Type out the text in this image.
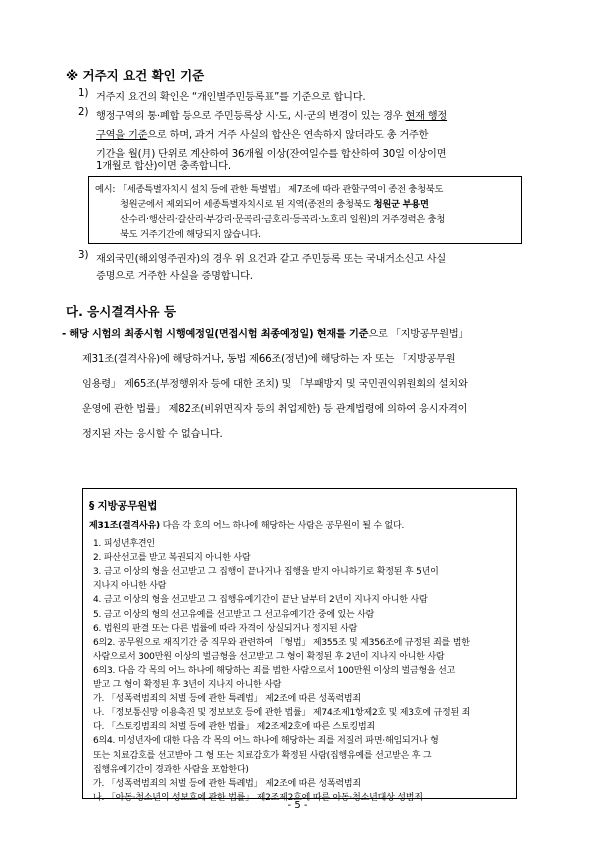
※ 거주지 요건 확인 기준
1) 거주지 요건의 확인은 “개인별주민등록표”를 기준으로 합니다.
2) 행정구역의 통·폐합 등으로 주민등록상 시·도, 시·군의 변경이 있는 경우 현재 행정
구역을 기준으로 하며, 과거 거주 사실의 합산은 연속하지 않더라도 총 거주한
기간을 월(月) 단위로 계산하여 36개월 이상(잔여일수를 합산하여 30일 이상이면
1개월로 합산)이면 충족합니다.
예시: 「세종특별자치시 설치 등에 관한 특별법」 제7조에 따라 관할구역이 종전 충청북도
청원군에서 제외되어 세종특별자치시로 된 지역(종전의 충청북도 청원군 부용면
산수리·행산리·갈산리·부강리·문곡리·금호리·등곡리·노호리 일원)의 거주경력은 충청
북도 거주기간에 해당되지 않습니다.
3) 재외국민(해외영주권자)의 경우 위 요건과 같고 주민등록 또는 국내거소신고 사실
증명으로 거주한 사실을 증명합니다.
다. 응시결격사유 등
- 해당 시험의 최종시험 시행예정일(면접시험 최종예정일) 현재를 기준으로 「지방공무원법」
제31조(결격사유)에 해당하거나, 동법 제66조(정년)에 해당하는 자 또는 「지방공무원
임용령」 제65조(부정행위자 등에 대한 조치) 및 「부패방지 및 국민권익위원회의 설치와
운영에 관한 법률」 제82조(비위면직자 등의 취업제한) 등 관계법령에 의하여 응시자격이
정지된 자는 응시할 수 없습니다.
§ 지방공무원법
제31조(결격사유) 다음 각 호의 어느 하나에 해당하는 사람은 공무원이 될 수 없다.
1. 피성년후견인
2. 파산선고를 받고 복권되지 아니한 사람
3. 금고 이상의 형을 선고받고 그 집행이 끝나거나 집행을 받지 아니하기로 확정된 후 5년이
지나지 아니한 사람
4. 금고 이상의 형을 선고받고 그 집행유예기간이 끝난 날부터 2년이 지나지 아니한 사람
5. 금고 이상의 형의 선고유예를 선고받고 그 선고유예기간 중에 있는 사람
6. 법원의 판결 또는 다른 법률에 따라 자격이 상실되거나 정지된 사람
6의2. 공무원으로 재직기간 중 직무와 관련하여 「형법」 제355조 및 제356조에 규정된 죄를 범한
사람으로서 300만원 이상의 벌금형을 선고받고 그 형이 확정된 후 2년이 지나지 아니한 사람
6의3. 다음 각 목의 어느 하나에 해당하는 죄를 범한 사람으로서 100만원 이상의 벌금형을 선고
받고 그 형이 확정된 후 3년이 지나지 아니한 사람
가. 「성폭력범죄의 처벌 등에 관한 특례법」 제2조에 따른 성폭력범죄
나. 「정보통신망 이용촉진 및 정보보호 등에 관한 법률」 제74조제1항제2호 및 제3호에 규정된 죄
다. 「스토킹범죄의 처벌 등에 관한 법률」 제2조제2호에 따른 스토킹범죄
6의4. 미성년자에 대한 다음 각 목의 어느 하나에 해당하는 죄를 저질러 파면·해임되거나 형
또는 치료감호를 선고받아 그 형 또는 치료감호가 확정된 사람(집행유예를 선고받은 후 그
집행유예기간이 경과한 사람을 포함한다)
가. 「성폭력범죄의 처벌 등에 관한 특례법」 제2조에 따른 성폭력범죄
나. 「아동·청소년의 성보호에 관한 법률」 제2조제2호에 따른 아동·청소년대상 성범죄
- 5 -
